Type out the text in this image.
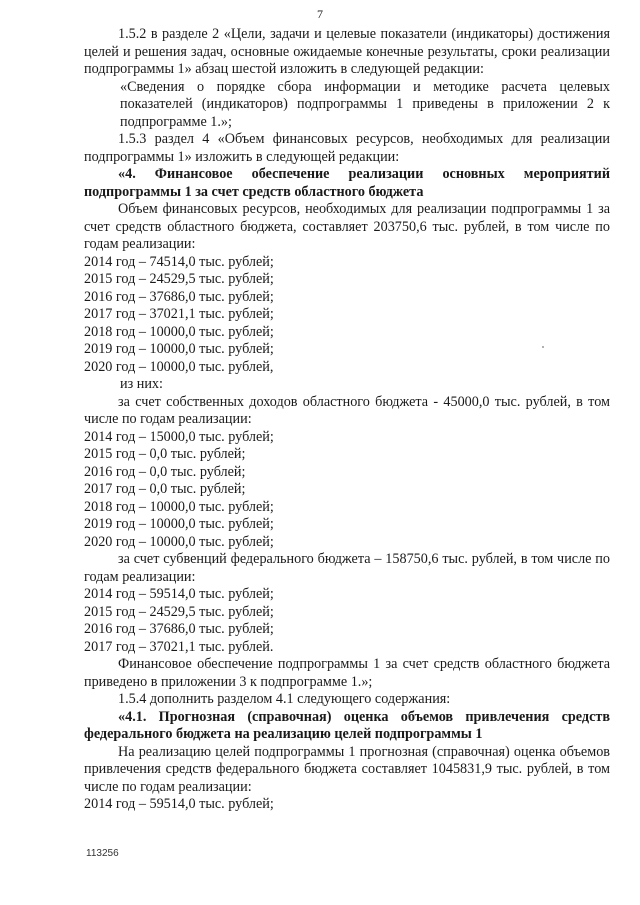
7

1.5.2 в разделе 2 «Цели, задачи и целевые показатели (индикаторы) достижения целей и решения задач, основные ожидаемые конечные результаты, сроки реализации подпрограммы 1» абзац шестой изложить в следующей редакции:

«Сведения о порядке сбора информации и методике расчета целевых показателей (индикаторов) подпрограммы 1 приведены в приложении 2 к подпрограмме 1.»;

1.5.3 раздел 4 «Объем финансовых ресурсов, необходимых для реализации подпрограммы 1» изложить в следующей редакции:

«4. Финансовое обеспечение реализации основных мероприятий подпрограммы 1 за счет средств областного бюджета

Объем финансовых ресурсов, необходимых для реализации подпрограммы 1 за счет средств областного бюджета, составляет 203750,6 тыс. рублей, в том числе по годам реализации:

2014 год – 74514,0 тыс. рублей;

2015 год – 24529,5 тыс. рублей;

2016 год – 37686,0 тыс. рублей;

2017 год – 37021,1 тыс. рублей;

2018 год – 10000,0 тыс. рублей;

2019 год – 10000,0 тыс. рублей;

2020 год – 10000,0 тыс. рублей,

из них:

за счет собственных доходов областного бюджета - 45000,0 тыс. рублей, в том числе по годам реализации:

2014 год – 15000,0 тыс. рублей;

2015 год – 0,0 тыс. рублей;

2016 год – 0,0 тыс. рублей;

2017 год – 0,0 тыс. рублей;

2018 год – 10000,0 тыс. рублей;

2019 год – 10000,0 тыс. рублей;

2020 год – 10000,0 тыс. рублей;

за счет субвенций федерального бюджета – 158750,6 тыс. рублей, в том числе по годам реализации:

2014 год – 59514,0 тыс. рублей;

2015 год – 24529,5 тыс. рублей;

2016 год – 37686,0 тыс. рублей;

2017 год – 37021,1 тыс. рублей.

Финансовое обеспечение подпрограммы 1 за счет средств областного бюджета приведено в приложении 3 к подпрограмме 1.»;

1.5.4 дополнить разделом 4.1 следующего содержания:

«4.1. Прогнозная (справочная) оценка объемов привлечения средств федерального бюджета на реализацию целей подпрограммы 1

На реализацию целей подпрограммы 1 прогнозная (справочная) оценка объемов привлечения средств федерального бюджета составляет 1045831,9 тыс. рублей, в том числе по годам реализации:

2014 год – 59514,0 тыс. рублей;

113256
